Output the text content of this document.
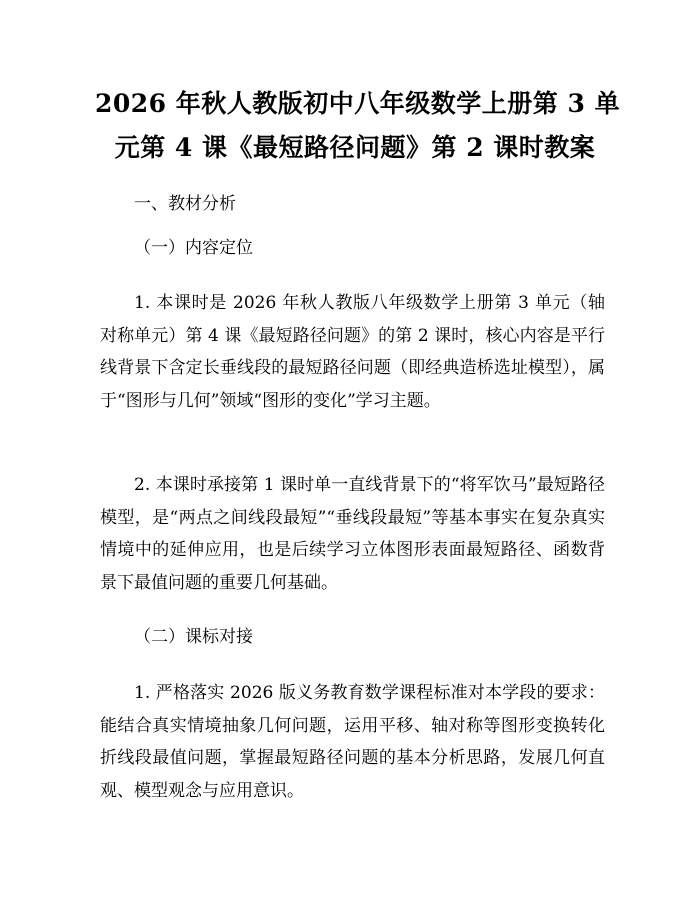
2026 年秋人教版初中八年级数学上册第 3 单
元第 4 课《最短路径问题》第 2 课时教案
一、教材分析
（一）内容定位
1. 本课时是 2026 年秋人教版八年级数学上册第 3 单元（轴对称单元）第 4 课《最短路径问题》的第 2 课时，核心内容是平行线背景下含定长垂线段的最短路径问题（即经典造桥选址模型），属于“图形与几何”领域“图形的变化”学习主题。
2. 本课时承接第 1 课时单一直线背景下的“将军饮马”最短路径模型，是“两点之间线段最短”“垂线段最短”等基本事实在复杂真实情境中的延伸应用，也是后续学习立体图形表面最短路径、函数背景下最值问题的重要几何基础。
（二）课标对接
1. 严格落实 2026 版义务教育数学课程标准对本学段的要求：能结合真实情境抽象几何问题，运用平移、轴对称等图形变换转化折线段最值问题，掌握最短路径问题的基本分析思路，发展几何直观、模型观念与应用意识。
